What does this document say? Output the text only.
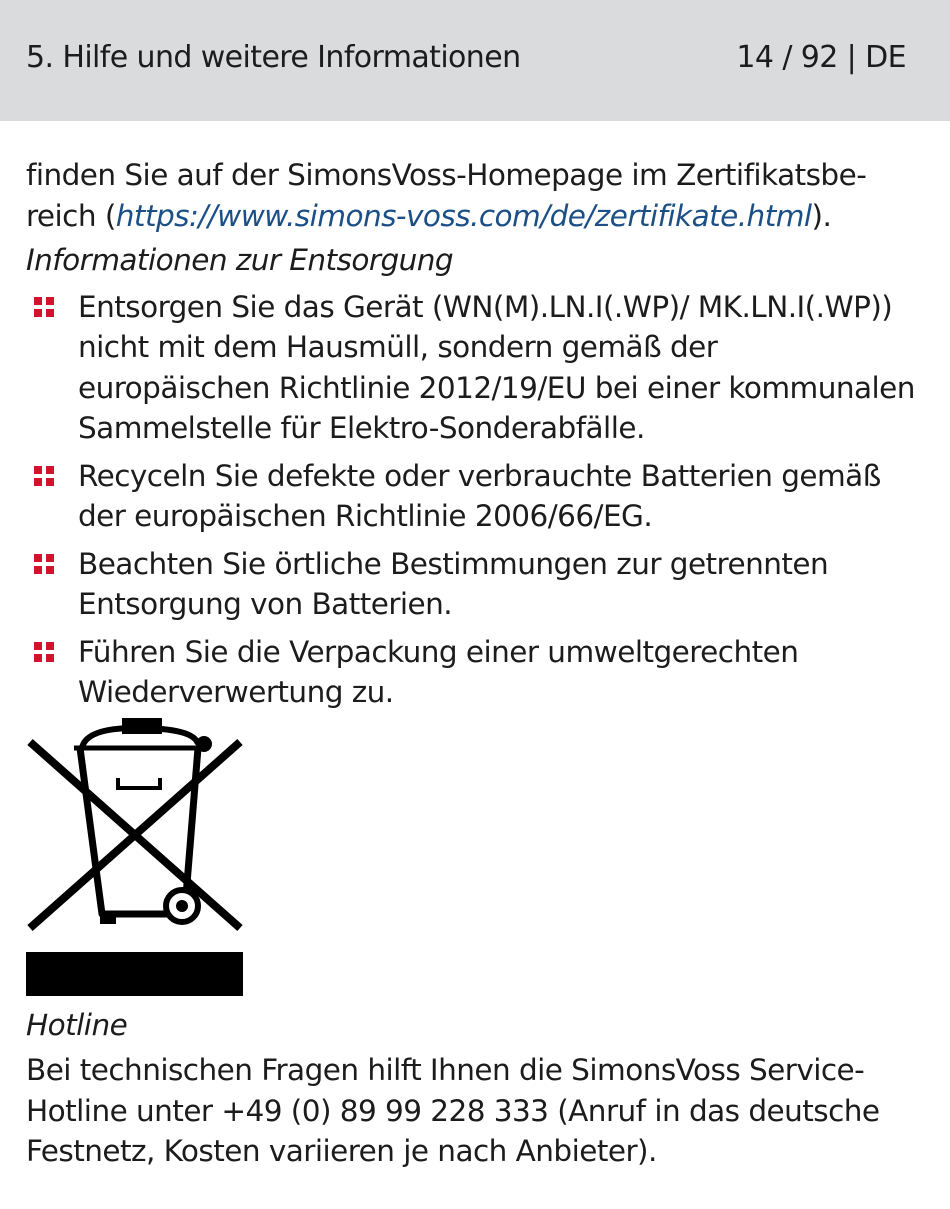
5. Hilfe und weitere Informationen	14 / 92 | DE

finden Sie auf der SimonsVoss-Homepage im Zertifikatsbereich (https://www.simons-voss.com/de/zertifikate.html).

Informationen zur Entsorgung

Entsorgen Sie das Gerät (WN(M).LN.I(.WP)/ MK.LN.I(.WP)) nicht mit dem Hausmüll, sondern gemäß der europäischen Richtlinie 2012/19/EU bei einer kommunalen Sammelstelle für Elektro-Sonderabfälle.
Recyceln Sie defekte oder verbrauchte Batterien gemäß der europäischen Richtlinie 2006/66/EG.
Beachten Sie örtliche Bestimmungen zur getrennten Entsorgung von Batterien.
Führen Sie die Verpackung einer umweltgerechten Wiederverwertung zu.
Hotline

Bei technischen Fragen hilft Ihnen die SimonsVoss Service-Hotline unter +49 (0) 89 99 228 333 (Anruf in das deutsche Festnetz, Kosten variieren je nach Anbieter).
